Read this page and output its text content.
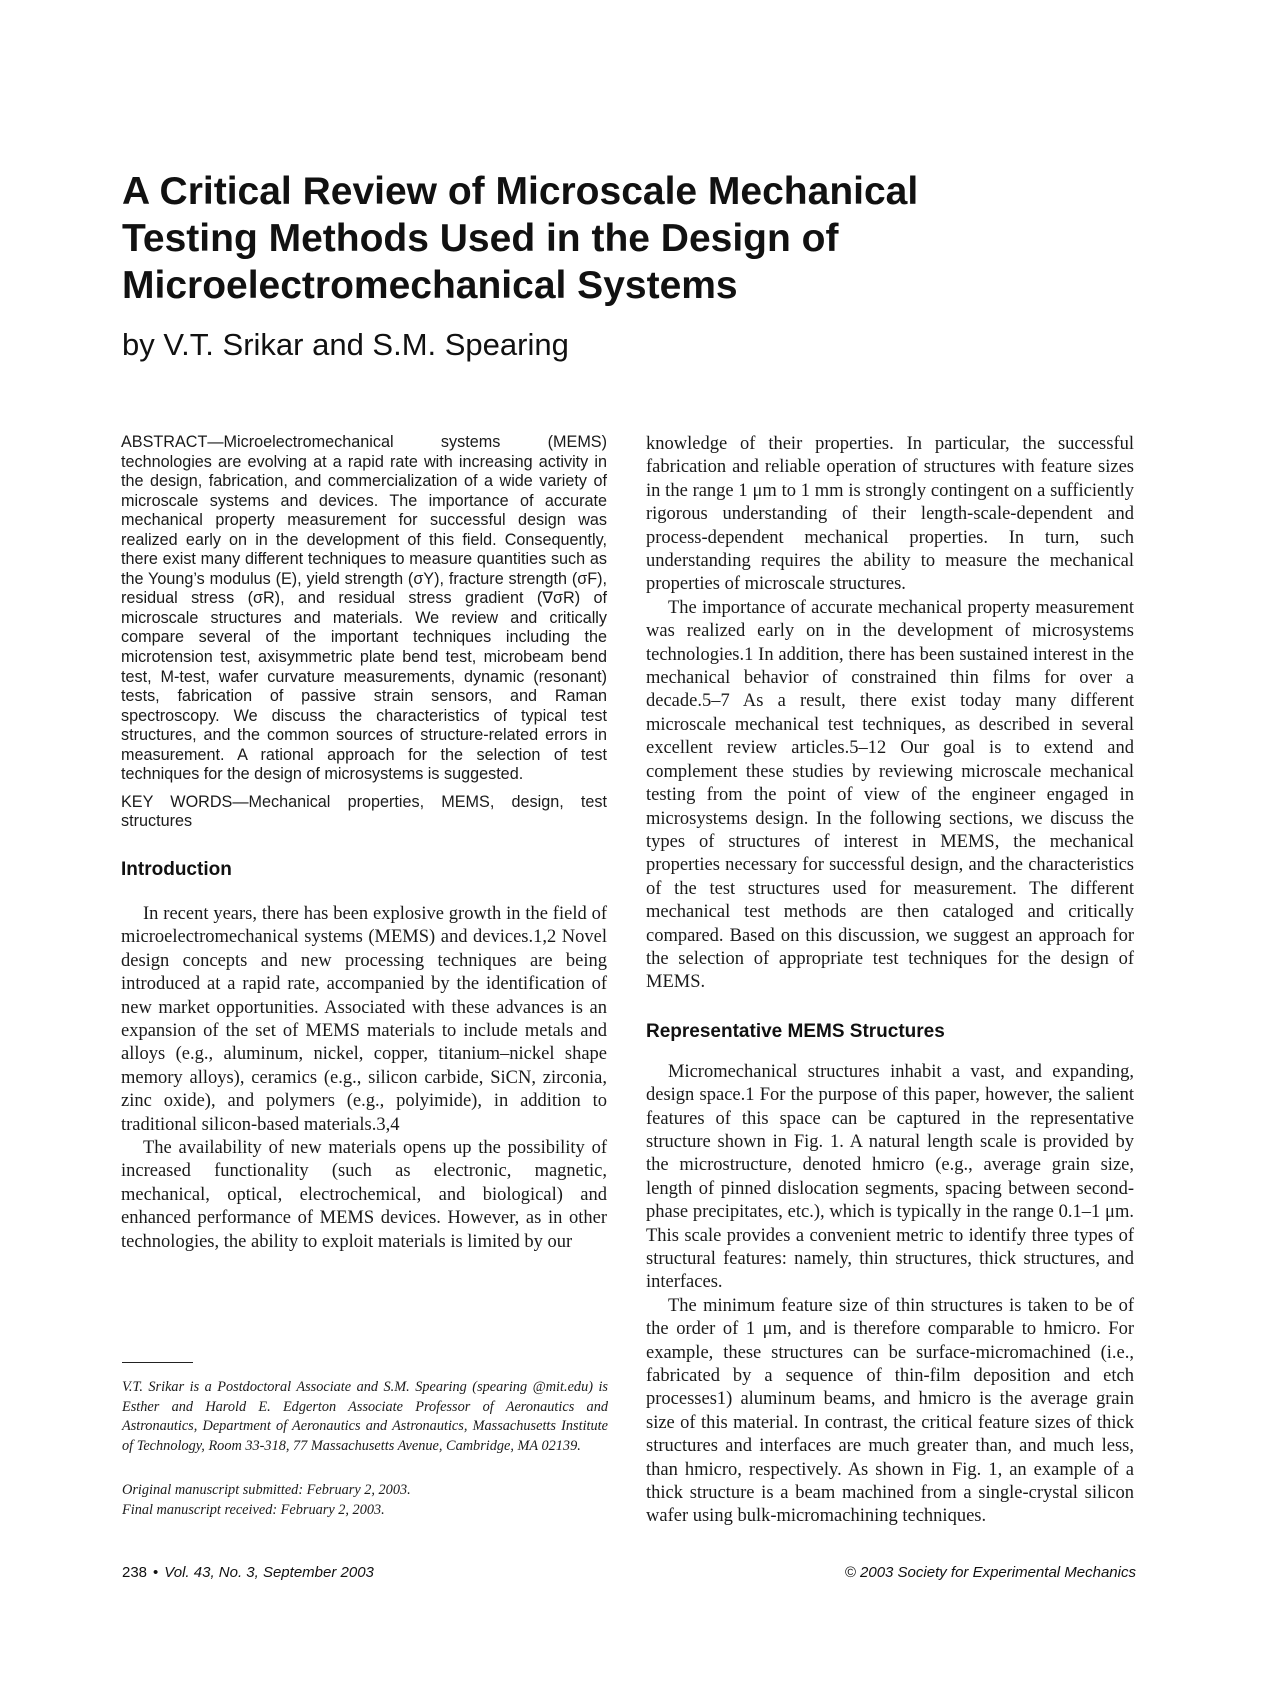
A Critical Review of Microscale Mechanical Testing Methods Used in the Design of Microelectromechanical Systems
by V.T. Srikar and S.M. Spearing

ABSTRACT—Microelectromechanical systems (MEMS) technologies are evolving at a rapid rate with increasing activity in the design, fabrication, and commercialization of a wide variety of microscale systems and devices. The importance of accurate mechanical property measurement for successful design was realized early on in the development of this field. Consequently, there exist many different techniques to measure quantities such as the Young’s modulus (E), yield strength (σY), fracture strength (σF), residual stress (σR), and residual stress gradient (∇σR) of microscale structures and materials. We review and critically compare several of the important techniques including the microtension test, axisymmetric plate bend test, microbeam bend test, M-test, wafer curvature measurements, dynamic (resonant) tests, fabrication of passive strain sensors, and Raman spectroscopy. We discuss the characteristics of typical test structures, and the common sources of structure-related errors in measurement. A rational approach for the selection of test techniques for the design of microsystems is suggested.

KEY WORDS—Mechanical properties, MEMS, design, test structures

Introduction

In recent years, there has been explosive growth in the field of microelectromechanical systems (MEMS) and devices.1,2 Novel design concepts and new processing techniques are being introduced at a rapid rate, accompanied by the identification of new market opportunities. Associated with these advances is an expansion of the set of MEMS materials to include metals and alloys (e.g., aluminum, nickel, copper, titanium–nickel shape memory alloys), ceramics (e.g., silicon carbide, SiCN, zirconia, zinc oxide), and polymers (e.g., polyimide), in addition to traditional silicon-based materials.3,4

The availability of new materials opens up the possibility of increased functionality (such as electronic, magnetic, mechanical, optical, electrochemical, and biological) and enhanced performance of MEMS devices. However, as in other technologies, the ability to exploit materials is limited by our

V.T. Srikar is a Postdoctoral Associate and S.M. Spearing (spearing @mit.edu) is Esther and Harold E. Edgerton Associate Professor of Aeronautics and Astronautics, Department of Aeronautics and Astronautics, Massachusetts Institute of Technology, Room 33-318, 77 Massachusetts Avenue, Cambridge, MA 02139.

Original manuscript submitted: February 2, 2003.
Final manuscript received: February 2, 2003.

knowledge of their properties. In particular, the successful fabrication and reliable operation of structures with feature sizes in the range 1 μm to 1 mm is strongly contingent on a sufficiently rigorous understanding of their length-scale-dependent and process-dependent mechanical properties. In turn, such understanding requires the ability to measure the mechanical properties of microscale structures.

The importance of accurate mechanical property measurement was realized early on in the development of microsystems technologies.1 In addition, there has been sustained interest in the mechanical behavior of constrained thin films for over a decade.5–7 As a result, there exist today many different microscale mechanical test techniques, as described in several excellent review articles.5–12 Our goal is to extend and complement these studies by reviewing microscale mechanical testing from the point of view of the engineer engaged in microsystems design. In the following sections, we discuss the types of structures of interest in MEMS, the mechanical properties necessary for successful design, and the characteristics of the test structures used for measurement. The different mechanical test methods are then cataloged and critically compared. Based on this discussion, we suggest an approach for the selection of appropriate test techniques for the design of MEMS.

Representative MEMS Structures

Micromechanical structures inhabit a vast, and expanding, design space.1 For the purpose of this paper, however, the salient features of this space can be captured in the representative structure shown in Fig. 1. A natural length scale is provided by the microstructure, denoted hmicro (e.g., average grain size, length of pinned dislocation segments, spacing between second-phase precipitates, etc.), which is typically in the range 0.1–1 μm. This scale provides a convenient metric to identify three types of structural features: namely, thin structures, thick structures, and interfaces.

The minimum feature size of thin structures is taken to be of the order of 1 μm, and is therefore comparable to hmicro. For example, these structures can be surface-micromachined (i.e., fabricated by a sequence of thin-film deposition and etch processes1) aluminum beams, and hmicro is the average grain size of this material. In contrast, the critical feature sizes of thick structures and interfaces are much greater than, and much less, than hmicro, respectively. As shown in Fig. 1, an example of a thick structure is a beam machined from a single-crystal silicon wafer using bulk-micromachining techniques.

238 • Vol. 43, No. 3, September 2003	© 2003 Society for Experimental Mechanics
